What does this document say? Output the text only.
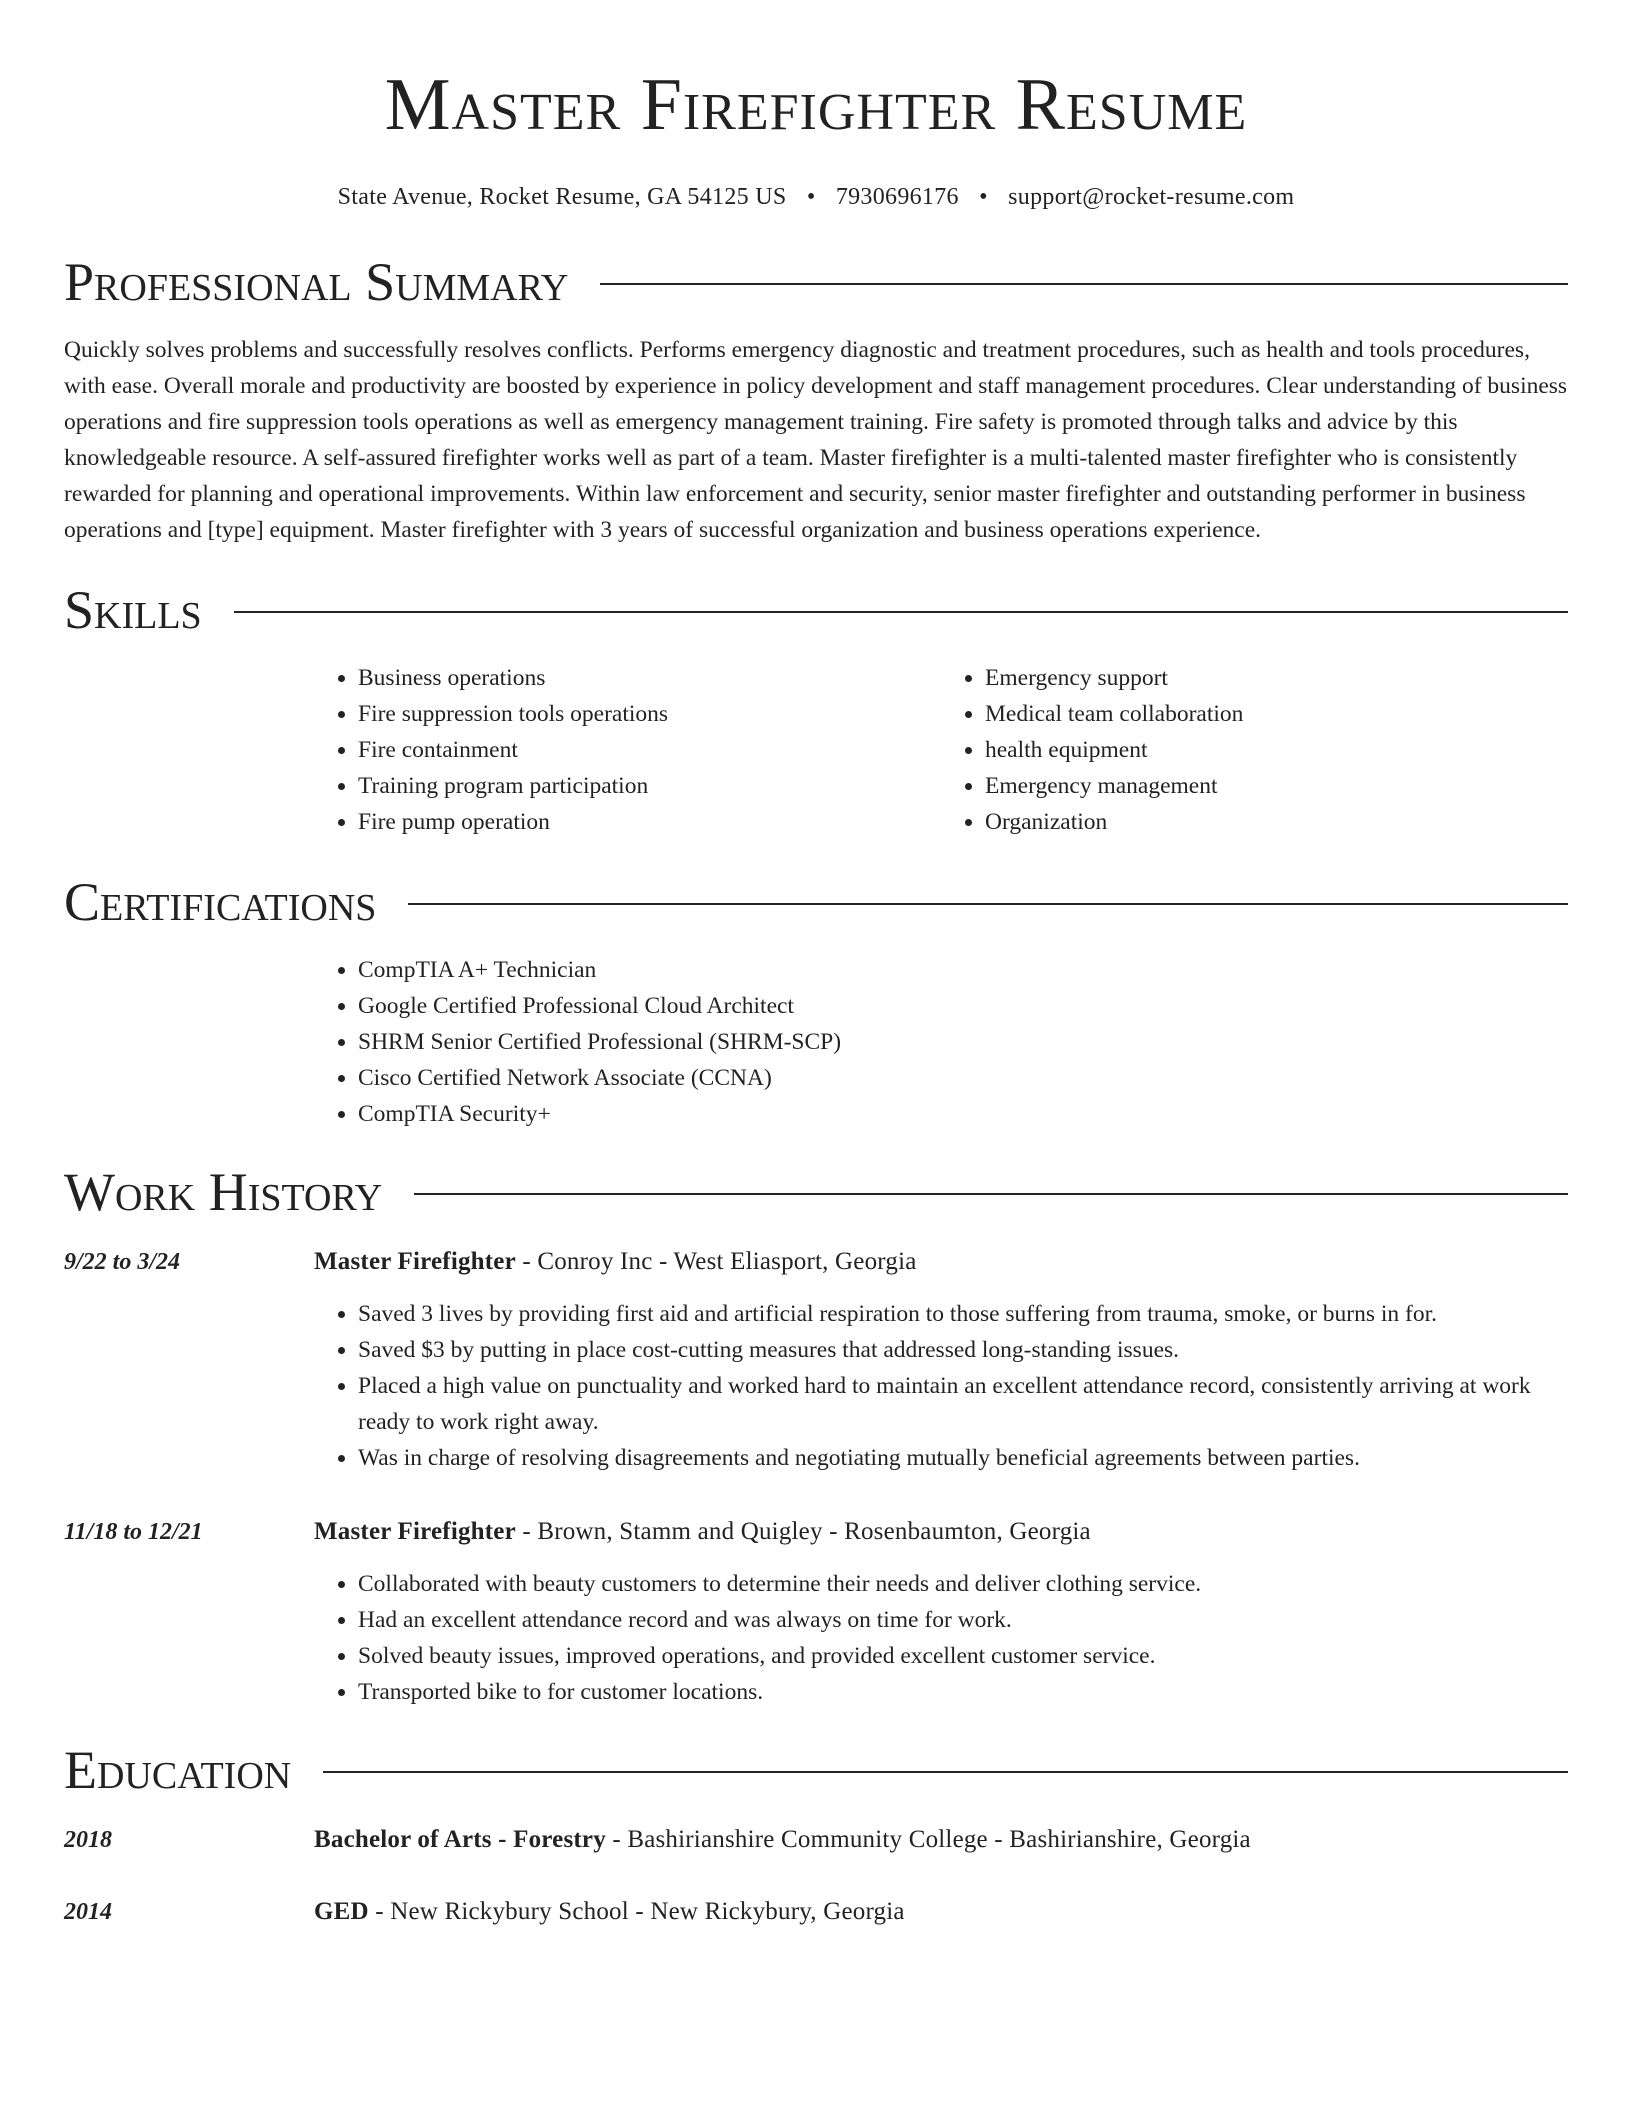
Master Firefighter Resume
State Avenue, Rocket Resume, GA 54125 US • 7930696176 • support@rocket-resume.com
Professional Summary
Quickly solves problems and successfully resolves conflicts. Performs emergency diagnostic and treatment procedures, such as health and tools procedures, with ease. Overall morale and productivity are boosted by experience in policy development and staff management procedures. Clear understanding of business operations and fire suppression tools operations as well as emergency management training. Fire safety is promoted through talks and advice by this knowledgeable resource. A self-assured firefighter works well as part of a team. Master firefighter is a multi-talented master firefighter who is consistently rewarded for planning and operational improvements. Within law enforcement and security, senior master firefighter and outstanding performer in business operations and [type] equipment. Master firefighter with 3 years of successful organization and business operations experience.
Skills
• Business operations
• Fire suppression tools operations
• Fire containment
• Training program participation
• Fire pump operation
• Emergency support
• Medical team collaboration
• health equipment
• Emergency management
• Organization
Certifications
• CompTIA A+ Technician
• Google Certified Professional Cloud Architect
• SHRM Senior Certified Professional (SHRM-SCP)
• Cisco Certified Network Associate (CCNA)
• CompTIA Security+
Work History
9/22 to 3/24	Master Firefighter - Conroy Inc - West Eliasport, Georgia
• Saved 3 lives by providing first aid and artificial respiration to those suffering from trauma, smoke, or burns in for.
• Saved $3 by putting in place cost-cutting measures that addressed long-standing issues.
• Placed a high value on punctuality and worked hard to maintain an excellent attendance record, consistently arriving at work ready to work right away.
• Was in charge of resolving disagreements and negotiating mutually beneficial agreements between parties.
11/18 to 12/21	Master Firefighter - Brown, Stamm and Quigley - Rosenbaumton, Georgia
• Collaborated with beauty customers to determine their needs and deliver clothing service.
• Had an excellent attendance record and was always on time for work.
• Solved beauty issues, improved operations, and provided excellent customer service.
• Transported bike to for customer locations.
Education
2018	Bachelor of Arts - Forestry - Bashirianshire Community College - Bashirianshire, Georgia
2014	GED - New Rickybury School - New Rickybury, Georgia
